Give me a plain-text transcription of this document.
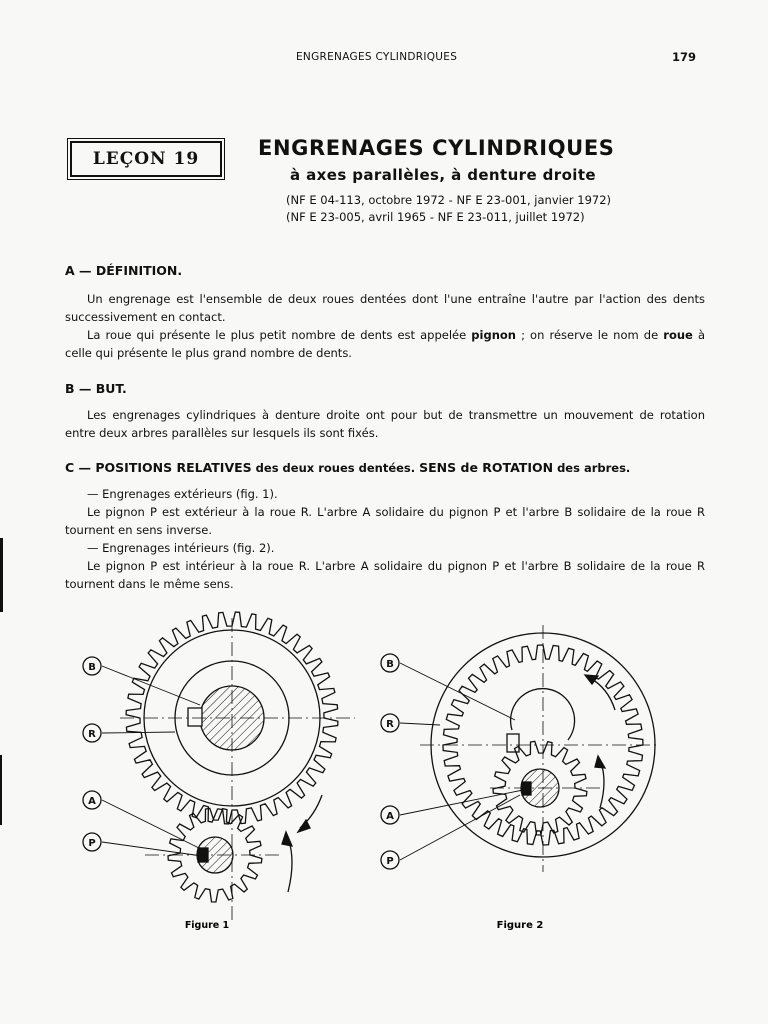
ENGRENAGES CYLINDRIQUES	179
LEÇON 19	ENGRENAGES CYLINDRIQUES
à axes parallèles, à denture droite
(NF E 04-113, octobre 1972 - NF E 23-001, janvier 1972)
(NF E 23-005, avril 1965 - NF E 23-011, juillet 1972)
A — DÉFINITION.

Un engrenage est l'ensemble de deux roues dentées dont l'une entraîne l'autre par l'action des dents successivement en contact.

La roue qui présente le plus petit nombre de dents est appelée pignon ; on réserve le nom de roue à celle qui présente le plus grand nombre de dents.

B — BUT.

Les engrenages cylindriques à denture droite ont pour but de transmettre un mouvement de rotation entre deux arbres parallèles sur lesquels ils sont fixés.

C — POSITIONS RELATIVES des deux roues dentées. SENS de ROTATION des arbres.

— Engrenages extérieurs (fig. 1).

Le pignon P est extérieur à la roue R. L'arbre A solidaire du pignon P et l'arbre B solidaire de la roue R tournent en sens inverse.

— Engrenages intérieurs (fig. 2).

Le pignon P est intérieur à la roue R. L'arbre A solidaire du pignon P et l'arbre B solidaire de la roue R tournent dans le même sens.

B
R
A
P
Figure 1
B
R
A
P
Figure 2
